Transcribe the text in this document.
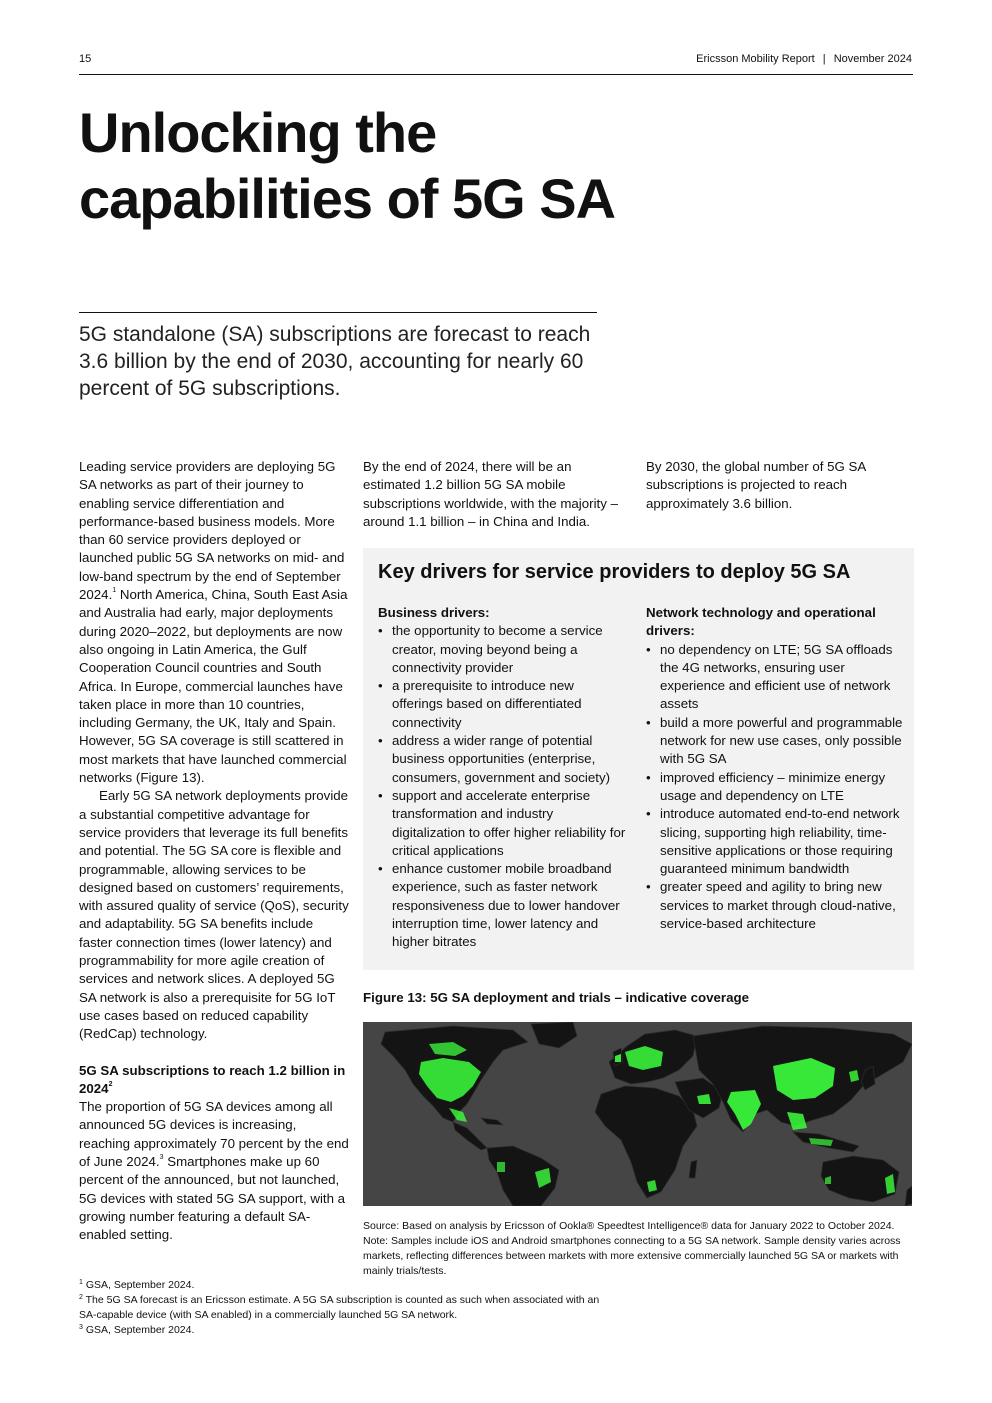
15	Ericsson Mobility Report | November 2024
Unlocking the capabilities of 5G SA
5G standalone (SA) subscriptions are forecast to reach 3.6 billion by the end of 2030, accounting for nearly 60 percent of 5G subscriptions.

Leading service providers are deploying 5G SA networks as part of their journey to enabling service differentiation and performance-based business models. More than 60 service providers deployed or launched public 5G SA networks on mid- and low-band spectrum by the end of September 2024.$^1$ North America, China, South East Asia and Australia had early, major deployments during 2020–2022, but deployments are now also ongoing in Latin America, the Gulf Cooperation Council countries and South Africa. In Europe, commercial launches have taken place in more than 10 countries, including Germany, the UK, Italy and Spain. However, 5G SA coverage is still scattered in most markets that have launched commercial networks (Figure 13).

Early 5G SA network deployments provide a substantial competitive advantage for service providers that leverage its full benefits and potential. The 5G SA core is flexible and programmable, allowing services to be designed based on customers’ requirements, with assured quality of service (QoS), security and adaptability. 5G SA benefits include faster connection times (lower latency) and programmability for more agile creation of services and network slices. A deployed 5G SA network is also a prerequisite for 5G IoT use cases based on reduced capability (RedCap) technology.

5G SA subscriptions to reach 1.2 billion in 2024$^2$

The proportion of 5G SA devices among all announced 5G devices is increasing, reaching approximately 70 percent by the end of June 2024.$^3$ Smartphones make up 60 percent of the announced, but not launched, 5G devices with stated 5G SA support, with a growing number featuring a default SA-enabled setting.

By the end of 2024, there will be an estimated 1.2 billion 5G SA mobile subscriptions worldwide, with the majority – around 1.1 billion – in China and India.

By 2030, the global number of 5G SA subscriptions is projected to reach approximately 3.6 billion.

Key drivers for service providers to deploy 5G SA

Business drivers:

• the opportunity to become a service creator, moving beyond being a connectivity provider
• a prerequisite to introduce new offerings based on differentiated connectivity
• address a wider range of potential business opportunities (enterprise, consumers, government and society)
• support and accelerate enterprise transformation and industry digitalization to offer higher reliability for critical applications
• enhance customer mobile broadband experience, such as faster network responsiveness due to lower handover interruption time, lower latency and higher bitrates

Network technology and operational drivers:

• no dependency on LTE; 5G SA offloads the 4G networks, ensuring user experience and efficient use of network assets
• build a more powerful and programmable network for new use cases, only possible with 5G SA
• improved efficiency – minimize energy usage and dependency on LTE
• introduce automated end-to-end network slicing, supporting high reliability, time-sensitive applications or those requiring guaranteed minimum bandwidth
• greater speed and agility to bring new services to market through cloud-native, service-based architecture
Figure 13: 5G SA deployment and trials – indicative coverage
Source: Based on analysis by Ericsson of Ookla® Speedtest Intelligence® data for January 2022 to October 2024. Note: Samples include iOS and Android smartphones connecting to a 5G SA network. Sample density varies across markets, reflecting differences between markets with more extensive commercially launched 5G SA or markets with mainly trials/tests.
$^1$ GSA, September 2024.
$^2$ The 5G SA forecast is an Ericsson estimate. A 5G SA subscription is counted as such when associated with an SA-capable device (with SA enabled) in a commercially launched 5G SA network.
$^3$ GSA, September 2024.
